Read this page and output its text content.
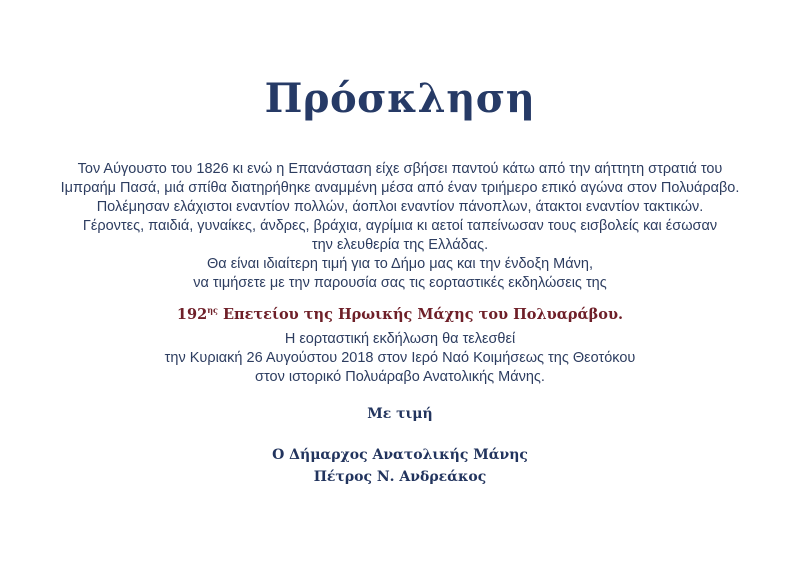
Πρόσκληση

Τον Αύγουστο του 1826 κι ενώ η Επανάσταση είχε σβήσει παντού κάτω από την αήττητη στρατιά του

Ιμπραήμ Πασά, μιά σπίθα διατηρήθηκε αναμμένη μέσα από έναν τριήμερο επικό αγώνα στον Πολυάραβο.

Πολέμησαν ελάχιστοι εναντίον πολλών, άοπλοι εναντίον πάνοπλων, άτακτοι εναντίον τακτικών.

Γέροντες, παιδιά, γυναίκες, άνδρες, βράχια, αγρίμια κι αετοί ταπείνωσαν τους εισβολείς και έσωσαν

την ελευθερία της Ελλάδας.

Θα είναι ιδιαίτερη τιμή για το Δήμο μας και την ένδοξη Μάνη,

να τιμήσετε με την παρουσία σας τις εορταστικές εκδηλώσεις της

$192^{\eta\varsigma}$ Επετείου της Ηρωικής Μάχης του Πολυαράβου.

Η εορταστική εκδήλωση θα τελεσθεί

την Κυριακή 26 Αυγούστου 2018 στον Ιερό Ναό Κοιμήσεως της Θεοτόκου

στον ιστορικό Πολυάραβο Ανατολικής Μάνης.

Με τιμή
Ο Δήμαρχος Ανατολικής Μάνης
Πέτρος Ν. Ανδρεάκος
